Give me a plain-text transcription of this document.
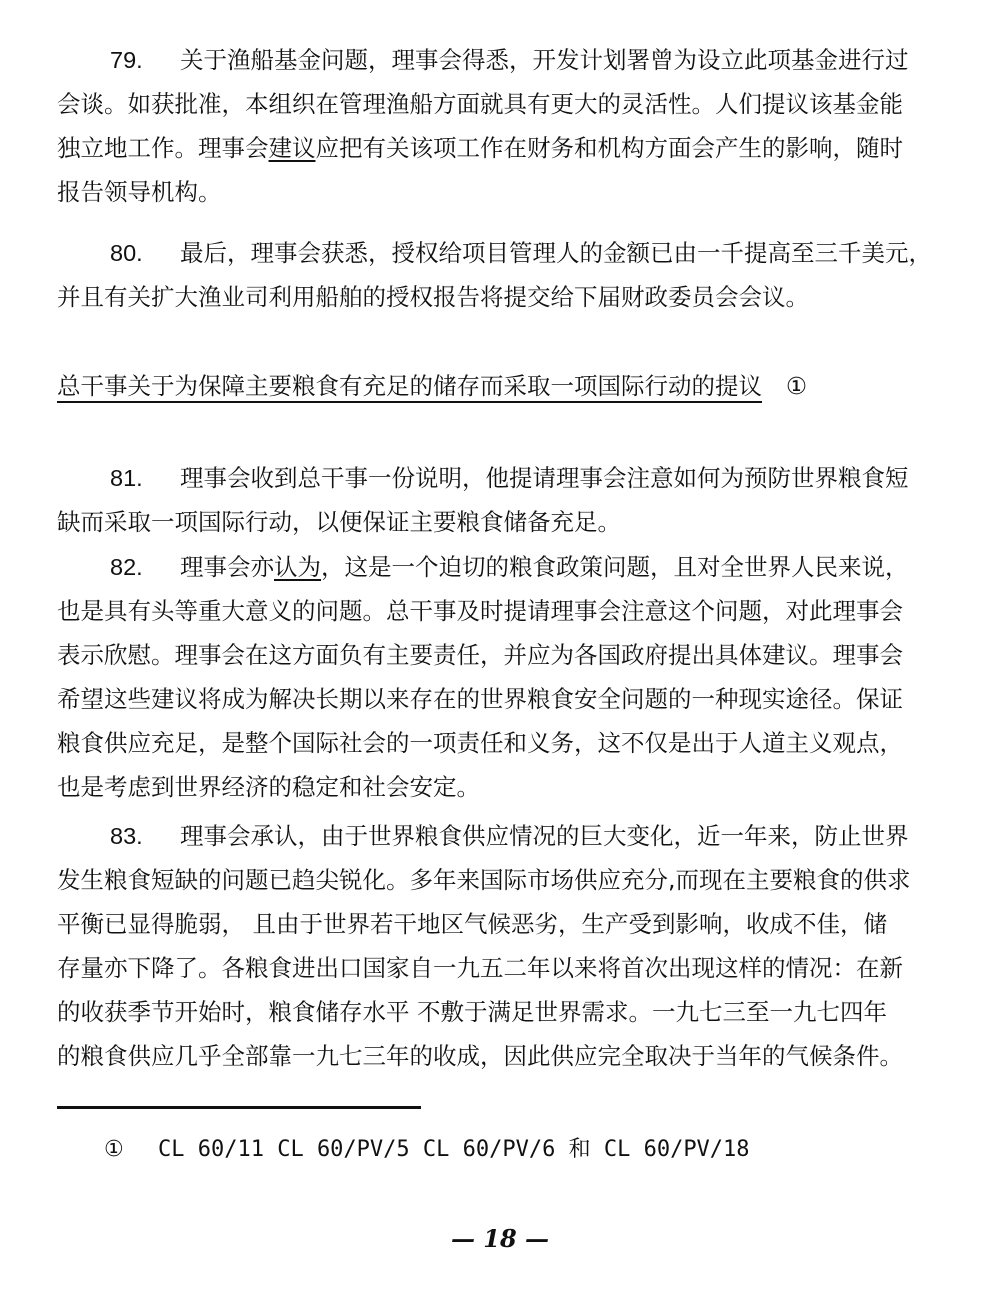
79. 关于渔船基金问题，理事会得悉，开发计划署曾为设立此项基金进行过
会谈。如获批准，本组织在管理渔船方面就具有更大的灵活性。人们提议该基金能
独立地工作。理事会建议应把有关该项工作在财务和机构方面会产生的影响，随时
报告领导机构。
80. 最后，理事会获悉，授权给项目管理人的金额已由一千提高至三千美元，
并且有关扩大渔业司利用船舶的授权报告将提交给下届财政委员会会议。
总干事关于为保障主要粮食有充足的储存而采取一项国际行动的提议 ①
81. 理事会收到总干事一份说明，他提请理事会注意如何为预防世界粮食短
缺而采取一项国际行动，以便保证主要粮食储备充足。
82. 理事会亦认为，这是一个迫切的粮食政策问题，且对全世界人民来说，
也是具有头等重大意义的问题。总干事及时提请理事会注意这个问题，对此理事会
表示欣慰。理事会在这方面负有主要责任，并应为各国政府提出具体建议。理事会
希望这些建议将成为解决长期以来存在的世界粮食安全问题的一种现实途径。保证
粮食供应充足，是整个国际社会的一项责任和义务，这不仅是出于人道主义观点，
也是考虑到世界经济的稳定和社会安定。
83. 理事会承认，由于世界粮食供应情况的巨大变化，近一年来，防止世界
发生粮食短缺的问题已趋尖锐化。多年来国际市场供应充分,而现在主要粮食的供求
平衡已显得脆弱， 且由于世界若干地区气候恶劣，生产受到影响，收成不佳，储
存量亦下降了。各粮食进出口国家自一九五二年以来将首次出现这样的情况：在新
的收获季节开始时，粮食储存水平 不敷于满足世界需求。一九七三至一九七四年
的粮食供应几乎全部靠一九七三年的收成，因此供应完全取决于当年的气候条件。
① CL 60/11 CL 60/PV/5 CL 60/PV/6 和 CL 60/PV/18
— 18 —
